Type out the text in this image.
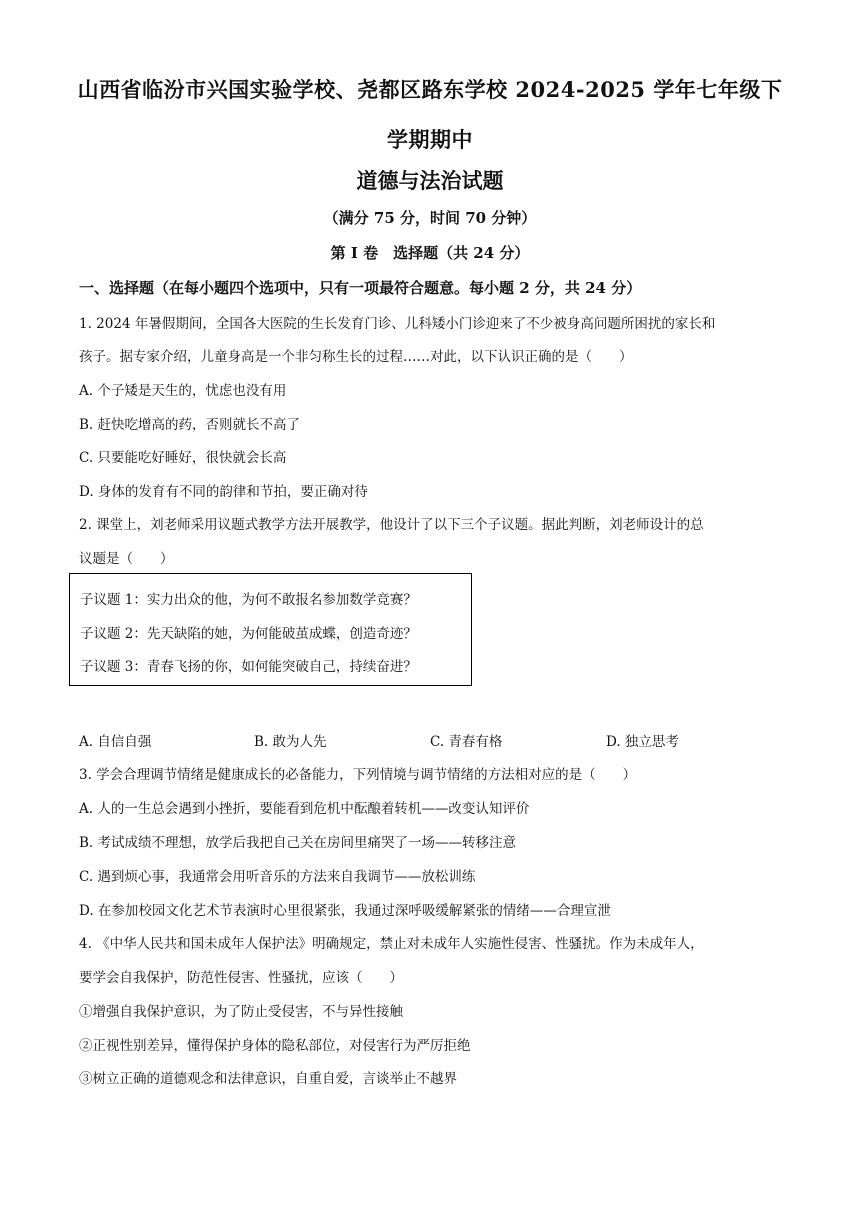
山西省临汾市兴国实验学校、尧都区路东学校 2024-2025 学年七年级下
学期期中
道德与法治试题
（满分 75 分，时间 70 分钟）
第 I 卷　选择题（共 24 分）
一、选择题（在每小题四个选项中，只有一项最符合题意。每小题 2 分，共 24 分）
1. 2024 年暑假期间，全国各大医院的生长发育门诊、儿科矮小门诊迎来了不少被身高问题所困扰的家长和
孩子。据专家介绍，儿童身高是一个非匀称生长的过程……对此，以下认识正确的是（　　）
A. 个子矮是天生的，忧虑也没有用
B. 赶快吃增高的药，否则就长不高了
C. 只要能吃好睡好，很快就会长高
D. 身体的发育有不同的韵律和节拍，要正确对待
2. 课堂上，刘老师采用议题式教学方法开展教学，他设计了以下三个子议题。据此判断，刘老师设计的总
议题是（　　）
子议题 1：实力出众的他，为何不敢报名参加数学竞赛？
子议题 2：先天缺陷的她，为何能破茧成蝶，创造奇迹？
子议题 3：青春飞扬的你，如何能突破自己，持续奋进？
A. 自信自强	B. 敢为人先	C. 青春有格	D. 独立思考
3. 学会合理调节情绪是健康成长的必备能力，下列情境与调节情绪的方法相对应的是（　　）
A. 人的一生总会遇到小挫折，要能看到危机中酝酿着转机——改变认知评价
B. 考试成绩不理想，放学后我把自己关在房间里痛哭了一场——转移注意
C. 遇到烦心事，我通常会用听音乐的方法来自我调节——放松训练
D. 在参加校园文化艺术节表演时心里很紧张，我通过深呼吸缓解紧张的情绪——合理宣泄
4. 《中华人民共和国未成年人保护法》明确规定，禁止对未成年人实施性侵害、性骚扰。作为未成年人，
要学会自我保护，防范性侵害、性骚扰，应该（　　）
①增强自我保护意识，为了防止受侵害，不与异性接触
②正视性别差异，懂得保护身体的隐私部位，对侵害行为严厉拒绝
③树立正确的道德观念和法律意识，自重自爱，言谈举止不越界
